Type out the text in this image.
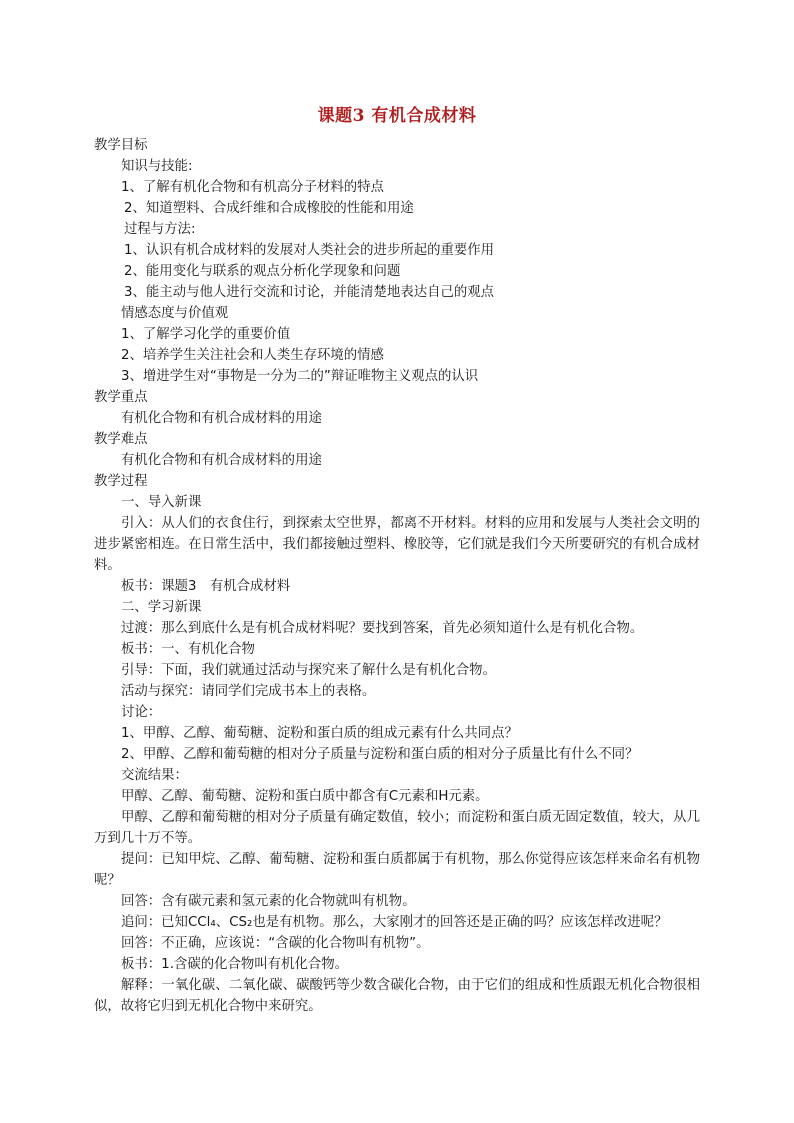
课题3 有机合成材料
教学目标
知识与技能:
1、了解有机化合物和有机高分子材料的特点
2、知道塑料、合成纤维和合成橡胶的性能和用途
过程与方法:
1、认识有机合成材料的发展对人类社会的进步所起的重要作用
2、能用变化与联系的观点分析化学现象和问题
3、能主动与他人进行交流和讨论，并能清楚地表达自己的观点
情感态度与价值观
1、了解学习化学的重要价值
2、培养学生关注社会和人类生存环境的情感
3、增进学生对“事物是一分为二的”辩证唯物主义观点的认识
教学重点
有机化合物和有机合成材料的用途
教学难点
有机化合物和有机合成材料的用途
教学过程
一、导入新课
引入：从人们的衣食住行，到探索太空世界，都离不开材料。材料的应用和发展与人类社会文明的进步紧密相连。在日常生活中，我们都接触过塑料、橡胶等，它们就是我们今天所要研究的有机合成材料。
板书：课题3　有机合成材料
二、学习新课
过渡：那么到底什么是有机合成材料呢？要找到答案，首先必须知道什么是有机化合物。
板书：一、有机化合物
引导：下面，我们就通过活动与探究来了解什么是有机化合物。
活动与探究：请同学们完成书本上的表格。
讨论：
1、甲醇、乙醇、葡萄糖、淀粉和蛋白质的组成元素有什么共同点？
2、甲醇、乙醇和葡萄糖的相对分子质量与淀粉和蛋白质的相对分子质量比有什么不同？
交流结果：
甲醇、乙醇、葡萄糖、淀粉和蛋白质中都含有C元素和H元素。
甲醇、乙醇和葡萄糖的相对分子质量有确定数值，较小；而淀粉和蛋白质无固定数值，较大，从几万到几十万不等。
提问：已知甲烷、乙醇、葡萄糖、淀粉和蛋白质都属于有机物，那么你觉得应该怎样来命名有机物呢？
回答：含有碳元素和氢元素的化合物就叫有机物。
追问：已知CCl₄、CS₂也是有机物。那么，大家刚才的回答还是正确的吗？应该怎样改进呢？
回答：不正确，应该说：“含碳的化合物叫有机物”。
板书：1.含碳的化合物叫有机化合物。
解释：一氧化碳、二氧化碳、碳酸钙等少数含碳化合物，由于它们的组成和性质跟无机化合物很相似，故将它归到无机化合物中来研究。
